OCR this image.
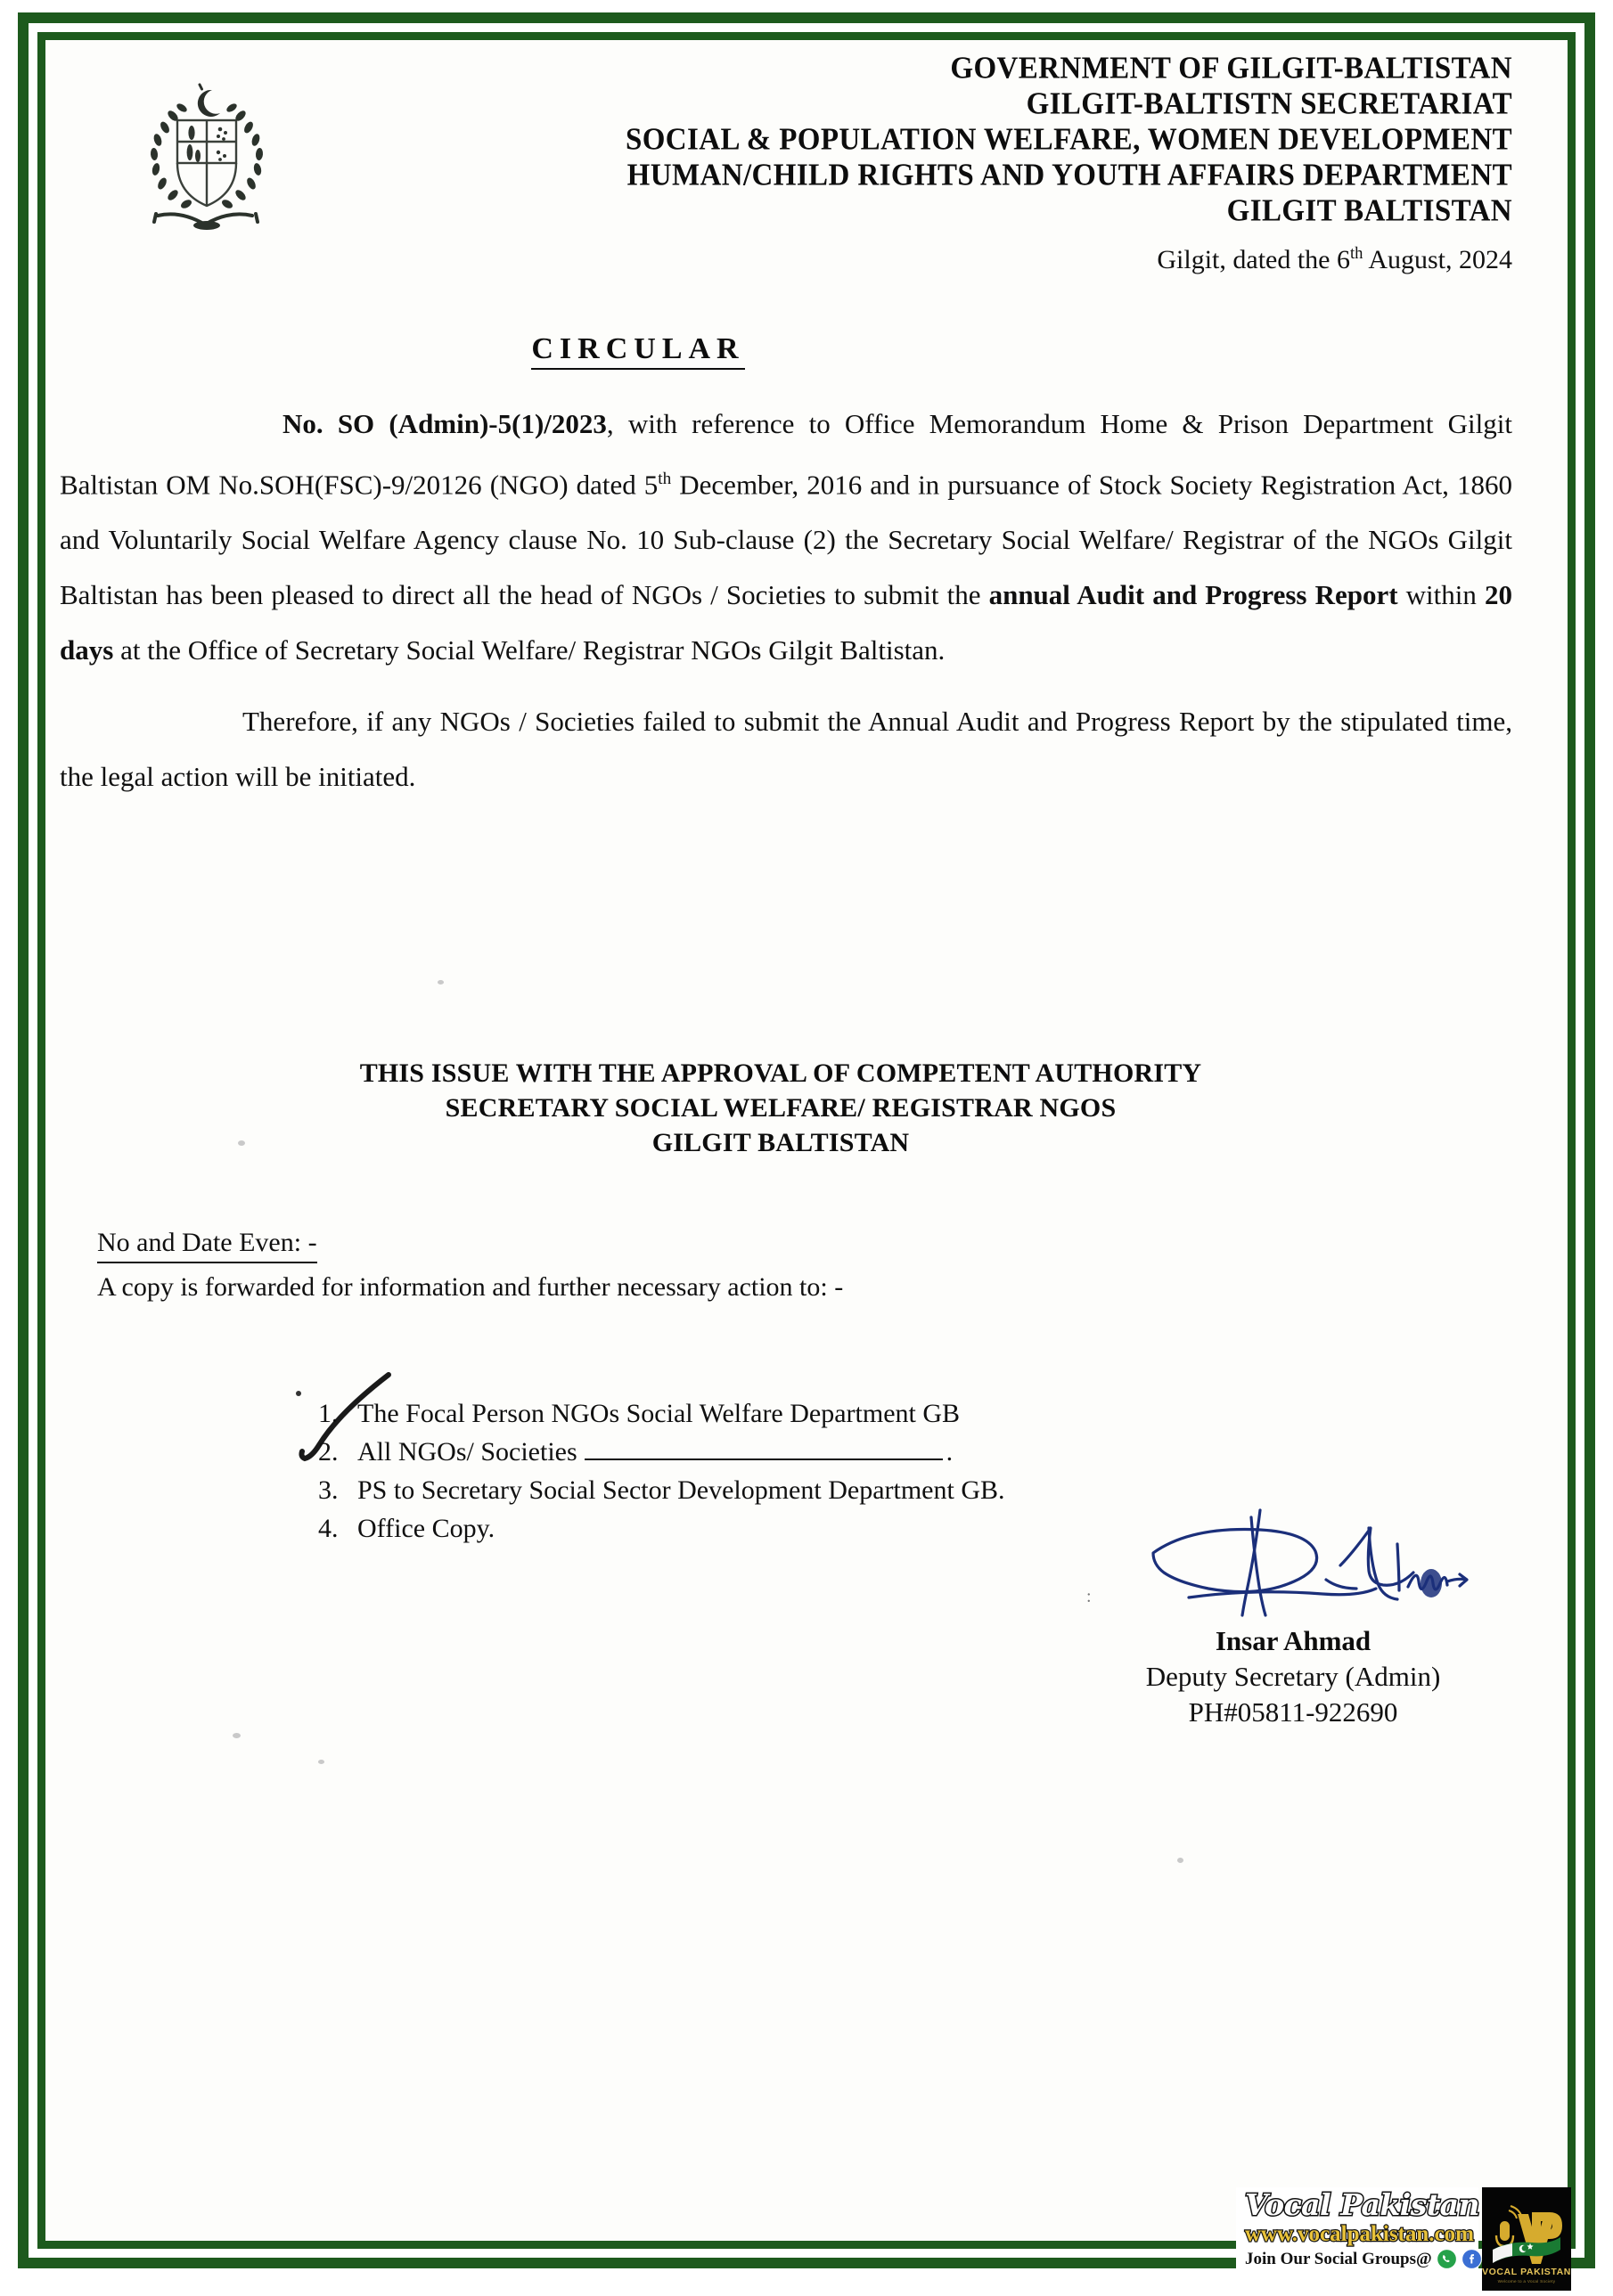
GOVERNMENT OF GILGIT-BALTISTAN
GILGIT-BALTISTN SECRETARIAT
SOCIAL & POPULATION WELFARE, WOMEN DEVELOPMENT
HUMAN/CHILD RIGHTS AND YOUTH AFFAIRS DEPARTMENT
GILGIT BALTISTAN
Gilgit, dated the 6th August, 2024
CIRCULAR

No. SO (Admin)-5(1)/2023, with reference to Office Memorandum Home & Prison Department Gilgit Baltistan OM No.SOH(FSC)-9/20126 (NGO) dated 5th December, 2016 and in pursuance of Stock Society Registration Act, 1860 and Voluntarily Social Welfare Agency clause No. 10 Sub-clause (2) the Secretary Social Welfare/ Registrar of the NGOs Gilgit Baltistan has been pleased to direct all the head of NGOs / Societies to submit the annual Audit and Progress Report within 20 days at the Office of Secretary Social Welfare/ Registrar NGOs Gilgit Baltistan.

Therefore, if any NGOs / Societies failed to submit the Annual Audit and Progress Report by the stipulated time, the legal action will be initiated.

THIS ISSUE WITH THE APPROVAL OF COMPETENT AUTHORITY
SECRETARY SOCIAL WELFARE/ REGISTRAR NGOS
GILGIT BALTISTAN
No and Date Even: -
A copy is forwarded for information and further necessary action to: -
1. The Focal Person NGOs Social Welfare Department GB
2. All NGOs/ Societies	.
3. PS to Secretary Social Sector Development Department GB.
4. Office Copy.
:
Insar Ahmad
Deputy Secretary (Admin)
PH#05811-922690
Vocal Pakistan
www.vocalpakistan.com
Join Our Social Groups@
VOCAL PAKISTAN
Welcome to a Vocal Society
